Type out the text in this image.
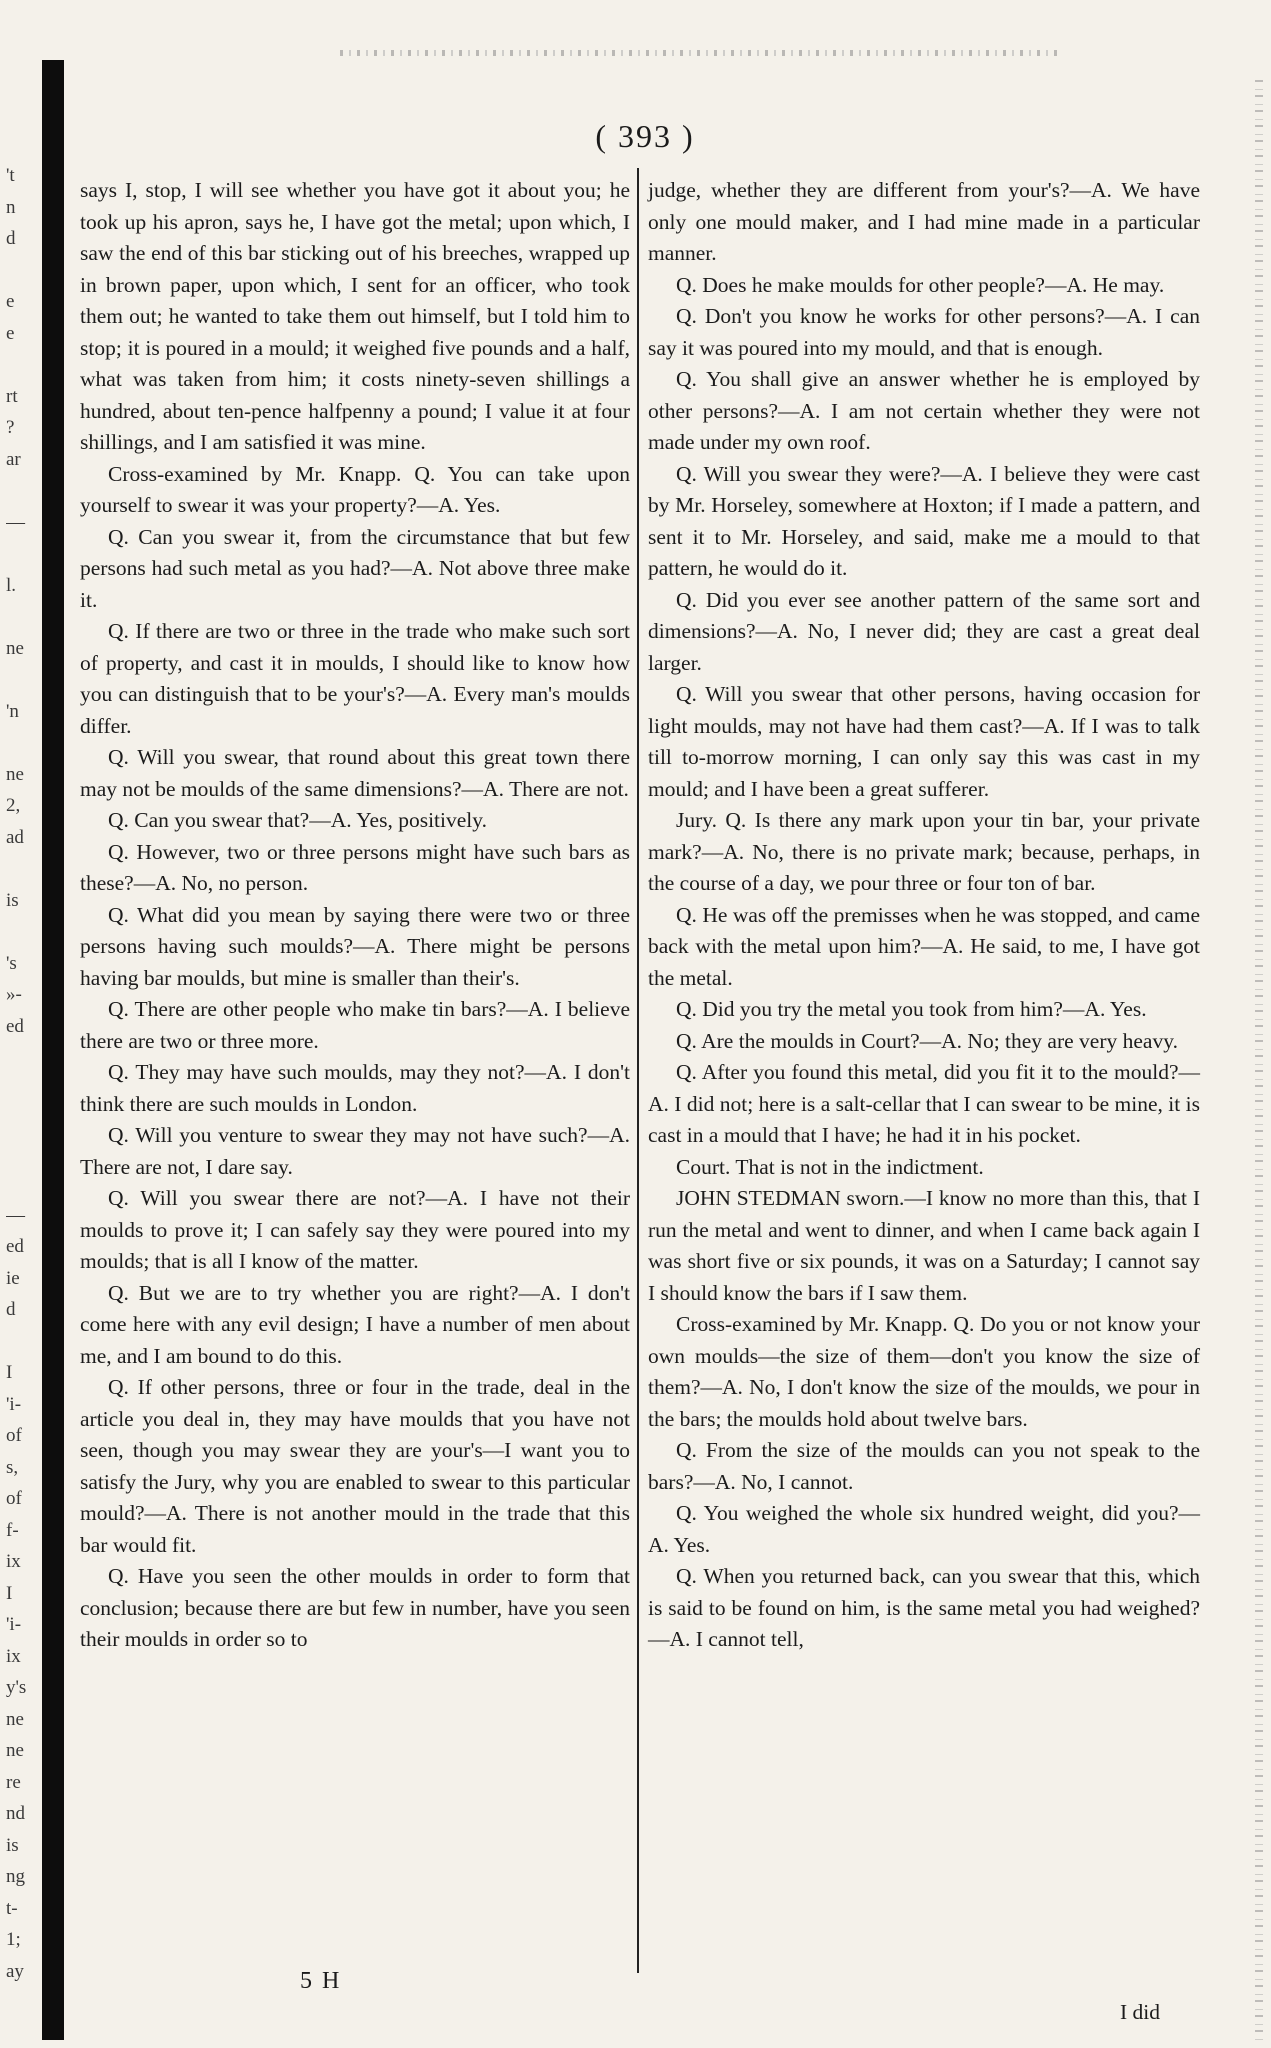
't
n
d
e
e
rt
?
ar
—
l.
ne
'n
ne
2,
ad
is
's
»-
ed
—
ed
ie
d
I
'i-
of
s,
of
f-
ix
I
'i-
ix
y's
ne
ne
re
nd
is
ng
t-
1;
ay
( 393 )

says I, stop, I will see whether you have got it about you; he took up his apron, says he, I have got the metal; upon which, I saw the end of this bar sticking out of his breeches, wrapped up in brown paper, upon which, I sent for an officer, who took them out; he wanted to take them out himself, but I told him to stop; it is poured in a mould; it weighed five pounds and a half, what was taken from him; it costs ninety-seven shillings a hundred, about ten-pence halfpenny a pound; I value it at four shillings, and I am satisfied it was mine.

Cross-examined by Mr. Knapp. Q. You can take upon yourself to swear it was your property?—A. Yes.

Q. Can you swear it, from the circumstance that but few persons had such metal as you had?—A. Not above three make it.

Q. If there are two or three in the trade who make such sort of property, and cast it in moulds, I should like to know how you can distinguish that to be your's?—A. Every man's moulds differ.

Q. Will you swear, that round about this great town there may not be moulds of the same dimensions?—A. There are not.

Q. Can you swear that?—A. Yes, positively.

Q. However, two or three persons might have such bars as these?—A. No, no person.

Q. What did you mean by saying there were two or three persons having such moulds?—A. There might be persons having bar moulds, but mine is smaller than their's.

Q. There are other people who make tin bars?—A. I believe there are two or three more.

Q. They may have such moulds, may they not?—A. I don't think there are such moulds in London.

Q. Will you venture to swear they may not have such?—A. There are not, I dare say.

Q. Will you swear there are not?—A. I have not their moulds to prove it; I can safely say they were poured into my moulds; that is all I know of the matter.

Q. But we are to try whether you are right?—A. I don't come here with any evil design; I have a number of men about me, and I am bound to do this.

Q. If other persons, three or four in the trade, deal in the article you deal in, they may have moulds that you have not seen, though you may swear they are your's—I want you to satisfy the Jury, why you are enabled to swear to this particular mould?—A. There is not another mould in the trade that this bar would fit.

Q. Have you seen the other moulds in order to form that conclusion; because there are but few in number, have you seen their moulds in order so to

judge, whether they are different from your's?—A. We have only one mould maker, and I had mine made in a particular manner.

Q. Does he make moulds for other people?—A. He may.

Q. Don't you know he works for other persons?—A. I can say it was poured into my mould, and that is enough.

Q. You shall give an answer whether he is employed by other persons?—A. I am not certain whether they were not made under my own roof.

Q. Will you swear they were?—A. I believe they were cast by Mr. Horseley, somewhere at Hoxton; if I made a pattern, and sent it to Mr. Horseley, and said, make me a mould to that pattern, he would do it.

Q. Did you ever see another pattern of the same sort and dimensions?—A. No, I never did; they are cast a great deal larger.

Q. Will you swear that other persons, having occasion for light moulds, may not have had them cast?—A. If I was to talk till to-morrow morning, I can only say this was cast in my mould; and I have been a great sufferer.

Jury. Q. Is there any mark upon your tin bar, your private mark?—A. No, there is no private mark; because, perhaps, in the course of a day, we pour three or four ton of bar.

Q. He was off the premisses when he was stopped, and came back with the metal upon him?—A. He said, to me, I have got the metal.

Q. Did you try the metal you took from him?—A. Yes.

Q. Are the moulds in Court?—A. No; they are very heavy.

Q. After you found this metal, did you fit it to the mould?—A. I did not; here is a salt-cellar that I can swear to be mine, it is cast in a mould that I have; he had it in his pocket.

Court. That is not in the indictment.

JOHN STEDMAN sworn.—I know no more than this, that I run the metal and went to dinner, and when I came back again I was short five or six pounds, it was on a Saturday; I cannot say I should know the bars if I saw them.

Cross-examined by Mr. Knapp. Q. Do you or not know your own moulds—the size of them—don't you know the size of them?—A. No, I don't know the size of the moulds, we pour in the bars; the moulds hold about twelve bars.

Q. From the size of the moulds can you not speak to the bars?—A. No, I cannot.

Q. You weighed the whole six hundred weight, did you?—A. Yes.

Q. When you returned back, can you swear that this, which is said to be found on him, is the same metal you had weighed?—A. I cannot tell,

5 H
I did
